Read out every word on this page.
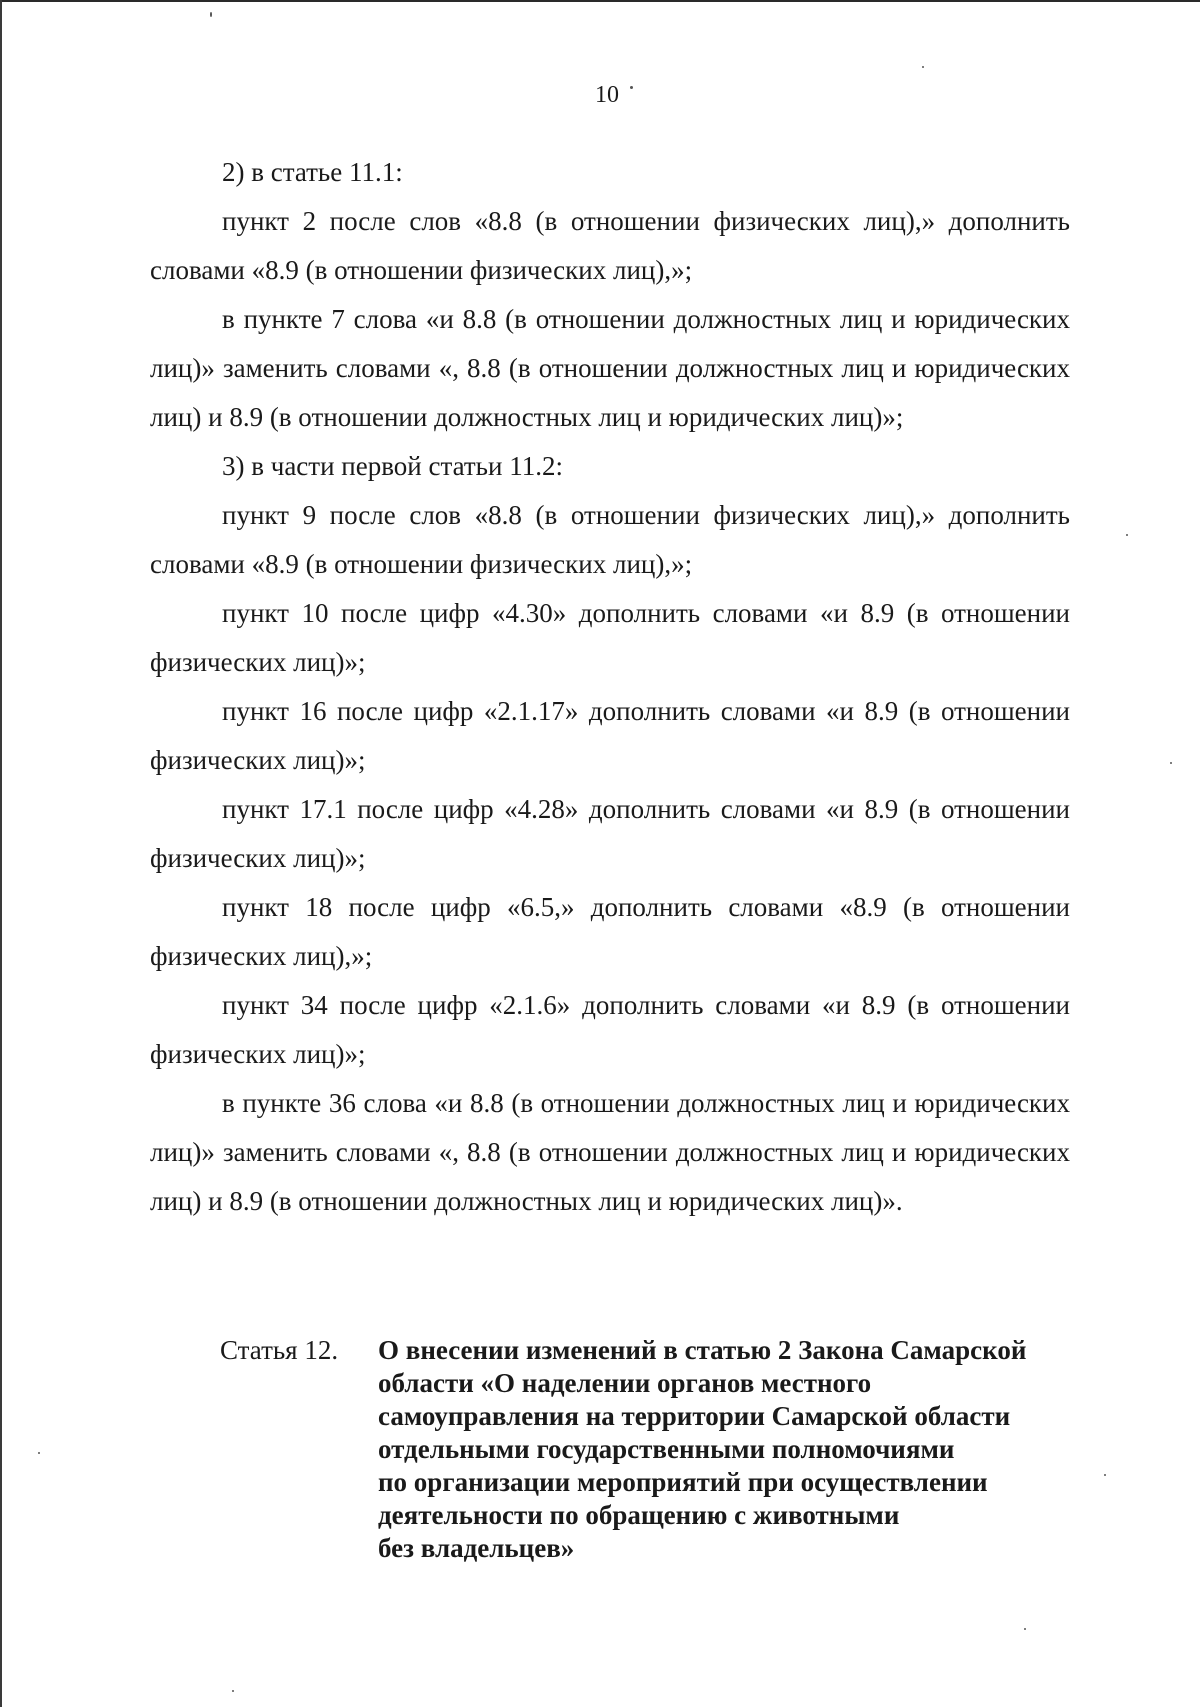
10

2) в статье 11.1:

пункт 2 после слов «8.8 (в отношении физических лиц),» дополнить словами «8.9 (в отношении физических лиц),»;

в пункте 7 слова «и 8.8 (в отношении должностных лиц и юридических лиц)» заменить словами «, 8.8 (в отношении должностных лиц и юридических лиц) и 8.9 (в отношении должностных лиц и юридических лиц)»;

3) в части первой статьи 11.2:

пункт 9 после слов «8.8 (в отношении физических лиц),» дополнить словами «8.9 (в отношении физических лиц),»;

пункт 10 после цифр «4.30» дополнить словами «и 8.9 (в отношении физических лиц)»;

пункт 16 после цифр «2.1.17» дополнить словами «и 8.9 (в отношении физических лиц)»;

пункт 17.1 после цифр «4.28» дополнить словами «и 8.9 (в отношении физических лиц)»;

пункт 18 после цифр «6.5,» дополнить словами «8.9 (в отношении физических лиц),»;

пункт 34 после цифр «2.1.6» дополнить словами «и 8.9 (в отношении физических лиц)»;

в пункте 36 слова «и 8.8 (в отношении должностных лиц и юридических лиц)» заменить словами «, 8.8 (в отношении должностных лиц и юридических лиц) и 8.9 (в отношении должностных лиц и юридических лиц)».

Статья 12.	О внесении изменений в статью 2 Закона Самарской
области «О наделении органов местного
самоуправления на территории Самарской области
отдельными государственными полномочиями
по организации мероприятий при осуществлении
деятельности по обращению с животными
без владельцев»
